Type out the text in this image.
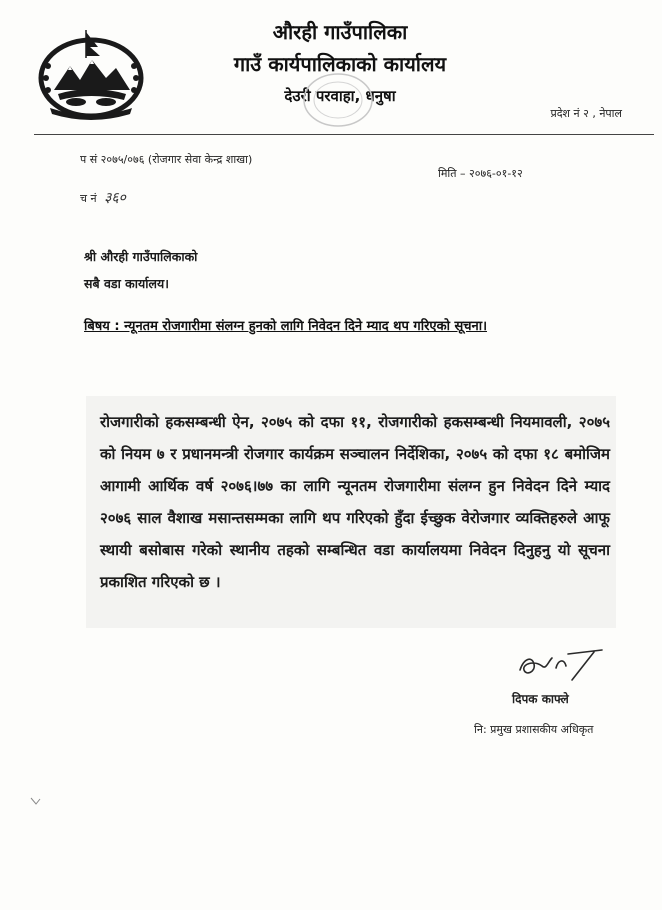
औरही गाउँपालिका
गाउँ कार्यपालिकाको कार्यालय
देउरी परवाहा, धनुषा
प्रदेश नं २ , नेपाल
प सं २०७५/०७६ (रोजगार सेवा केन्द्र शाखा)
मिति – २०७६-०१-१२
च नं ३६०
श्री औरही गाउँपालिकाको
सबै वडा कार्यालय।
बिषय : न्यूनतम रोजगारीमा संलग्न हुनको लागि निवेदन दिने म्याद थप गरिएको सूचना।

रोजगारीको हकसम्बन्धी ऐन, २०७५ को दफा ११, रोजगारीको हकसम्बन्धी नियमावली, २०७५ को नियम ७ र प्रधानमन्त्री रोजगार कार्यक्रम सञ्चालन निर्देशिका, २०७५ को दफा १८ बमोजिम आगामी आर्थिक वर्ष २०७६।७७ का लागि न्यूनतम रोजगारीमा संलग्न हुन निवेदन दिने म्याद २०७६ साल वैशाख मसान्तसम्मका लागि थप गरिएको हुँदा ईच्छुक वेरोजगार व्यक्तिहरुले आफू स्थायी बसोबास गरेको स्थानीय तहको सम्बन्धित वडा कार्यालयमा निवेदन दिनुहनु यो सूचना प्रकाशित गरिएको छ ।

दिपक काफ्ले
नि: प्रमुख प्रशासकीय अधिकृत
